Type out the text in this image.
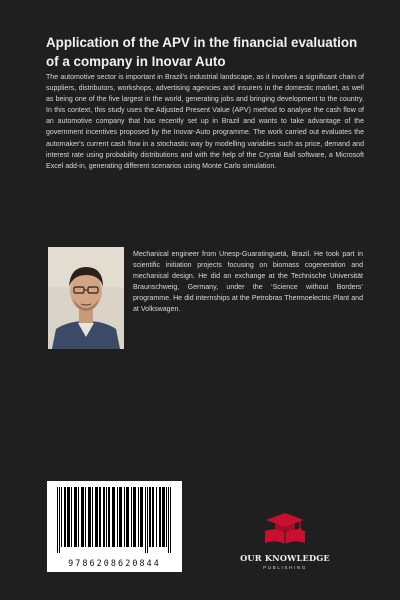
Application of the APV in the financial evaluation of a company in Inovar Auto

The automotive sector is important in Brazil's industrial landscape, as it involves a significant chain of suppliers, distributors, workshops, advertising agencies and insurers in the domestic market, as well as being one of the five largest in the world, generating jobs and bringing development to the country. In this context, this study uses the Adjusted Present Value (APV) method to analyse the cash flow of an automotive company that has recently set up in Brazil and wants to take advantage of the government incentives proposed by the Inovar-Auto programme. The work carried out evaluates the automaker's current cash flow in a stochastic way by modelling variables such as price, demand and interest rate using probability distributions and with the help of the Crystal Ball software, a Microsoft Excel add-in, generating different scenarios using Monte Carlo simulation.

Mechanical engineer from Unesp-Guaratinguetá, Brazil. He took part in scientific initiation projects focusing on biomass cogeneration and mechanical design. He did an exchange at the Technische Universität Braunschweig, Germany, under the ‘Science without Borders’ programme. He did internships at the Petrobras Thermoelectric Plant and at Volkswagen.

9786208620844	OUR KNOWLEDGE
PUBLISHING
